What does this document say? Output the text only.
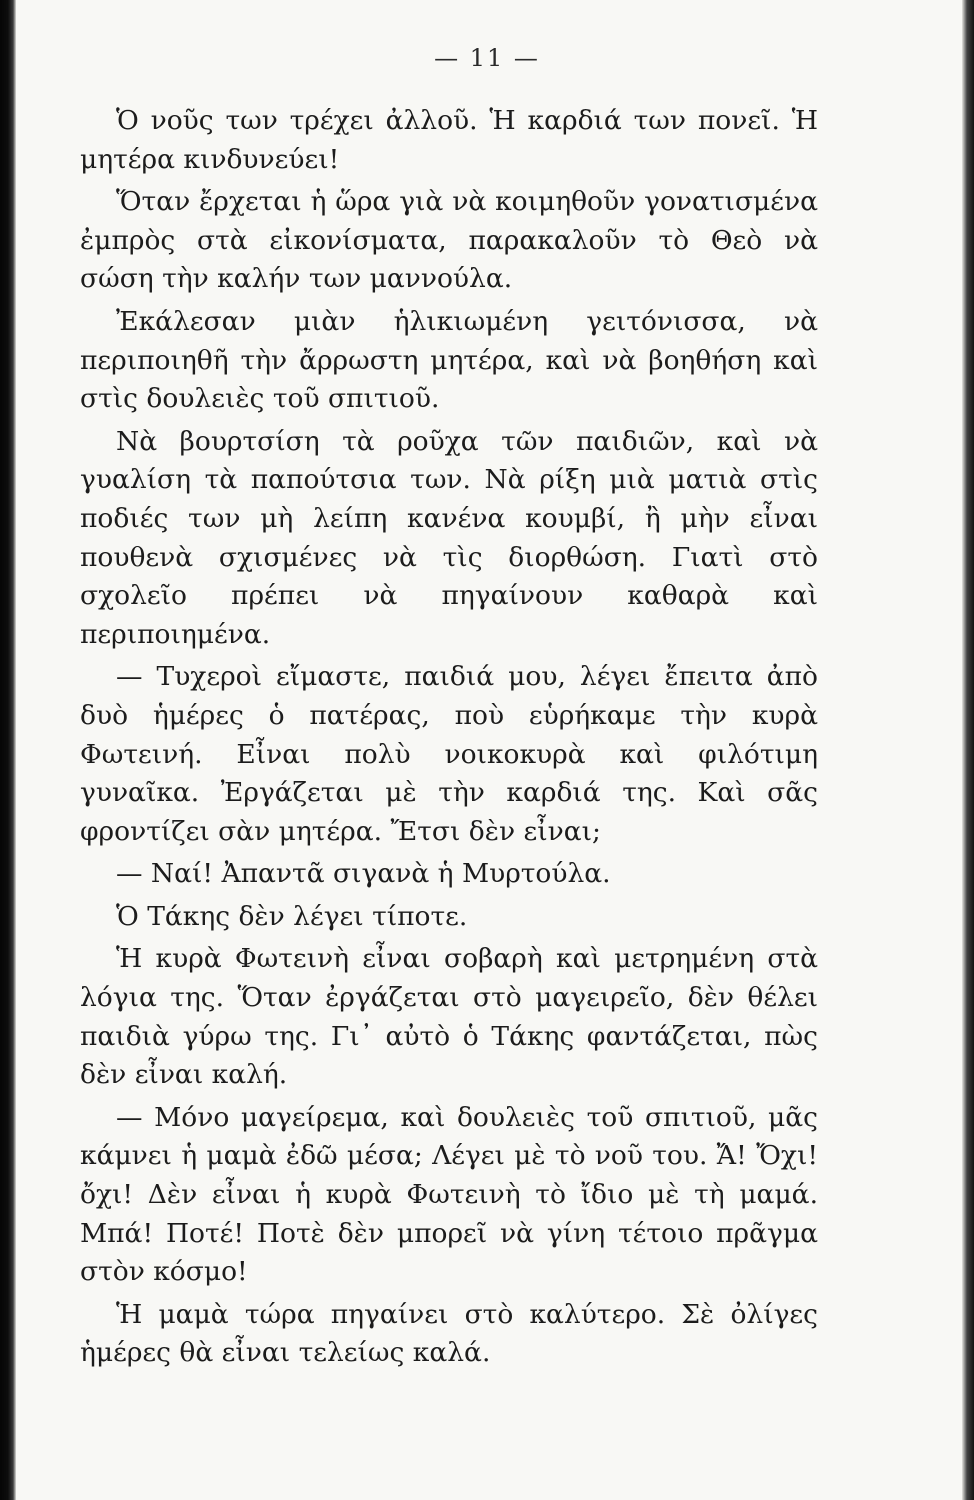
— 11 —

Ὁ νοῦς των τρέχει ἀλλοῦ. Ἡ καρδιά των πονεῖ. Ἡ μητέρα κινδυνεύει!

Ὅταν ἔρχεται ἡ ὥρα γιὰ νὰ κοιμηθοῦν γονατισμένα ἐμπρὸς στὰ εἰκονίσματα, παρακαλοῦν τὸ Θεὸ νὰ σώση τὴν καλήν των μαννούλα.

Ἐκάλεσαν μιὰν ἡλικιωμένη γειτόνισσα, νὰ περιποιηθῆ τὴν ἄρρωστη μητέρα, καὶ νὰ βοηθήση καὶ στὶς δουλειὲς τοῦ σπιτιοῦ.

Νὰ βουρτσίση τὰ ροῦχα τῶν παιδιῶν, καὶ νὰ γυαλίση τὰ παπούτσια των. Νὰ ρίξη μιὰ ματιὰ στὶς ποδιές των μὴ λείπη κανένα κουμβί, ἢ μὴν εἶναι πουθενὰ σχισμένες νὰ τὶς διορθώση. Γιατὶ στὸ σχολεῖο πρέπει νὰ πηγαίνουν καθαρὰ καὶ περιποιημένα.

— Τυχεροὶ εἴμαστε, παιδιά μου, λέγει ἔπειτα ἀπὸ δυὸ ἡμέρες ὁ πατέρας, ποὺ εὑρήκαμε τὴν κυρὰ Φωτεινή. Εἶναι πολὺ νοικοκυρὰ καὶ φιλότιμη γυναῖκα. Ἐργάζεται μὲ τὴν καρδιά της. Καὶ σᾶς φροντίζει σὰν μητέρα. Ἔτσι δὲν εἶναι;

— Ναί! Ἀπαντᾶ σιγανὰ ἡ Μυρτούλα.

Ὁ Τάκης δὲν λέγει τίποτε.

Ἡ κυρὰ Φωτεινὴ εἶναι σοβαρὴ καὶ μετρημένη στὰ λόγια της. Ὅταν ἐργάζεται στὸ μαγειρεῖο, δὲν θέλει παιδιὰ γύρω της. Γι᾿ αὐτὸ ὁ Τάκης φαντάζεται, πὼς δὲν εἶναι καλή.

— Μόνο μαγείρεμα, καὶ δουλειὲς τοῦ σπιτιοῦ, μᾶς κάμνει ἡ μαμὰ ἐδῶ μέσα; Λέγει μὲ τὸ νοῦ του. Ἄ! Ὄχι! ὄχι! Δὲν εἶναι ἡ κυρὰ Φωτεινὴ τὸ ἴδιο μὲ τὴ μαμά. Μπά! Ποτέ! Ποτὲ δὲν μπορεῖ νὰ γίνη τέτοιο πρᾶγμα στὸν κόσμο!

Ἡ μαμὰ τώρα πηγαίνει στὸ καλύτερο. Σὲ ὀλίγες ἡμέρες θὰ εἶναι τελείως καλά.
